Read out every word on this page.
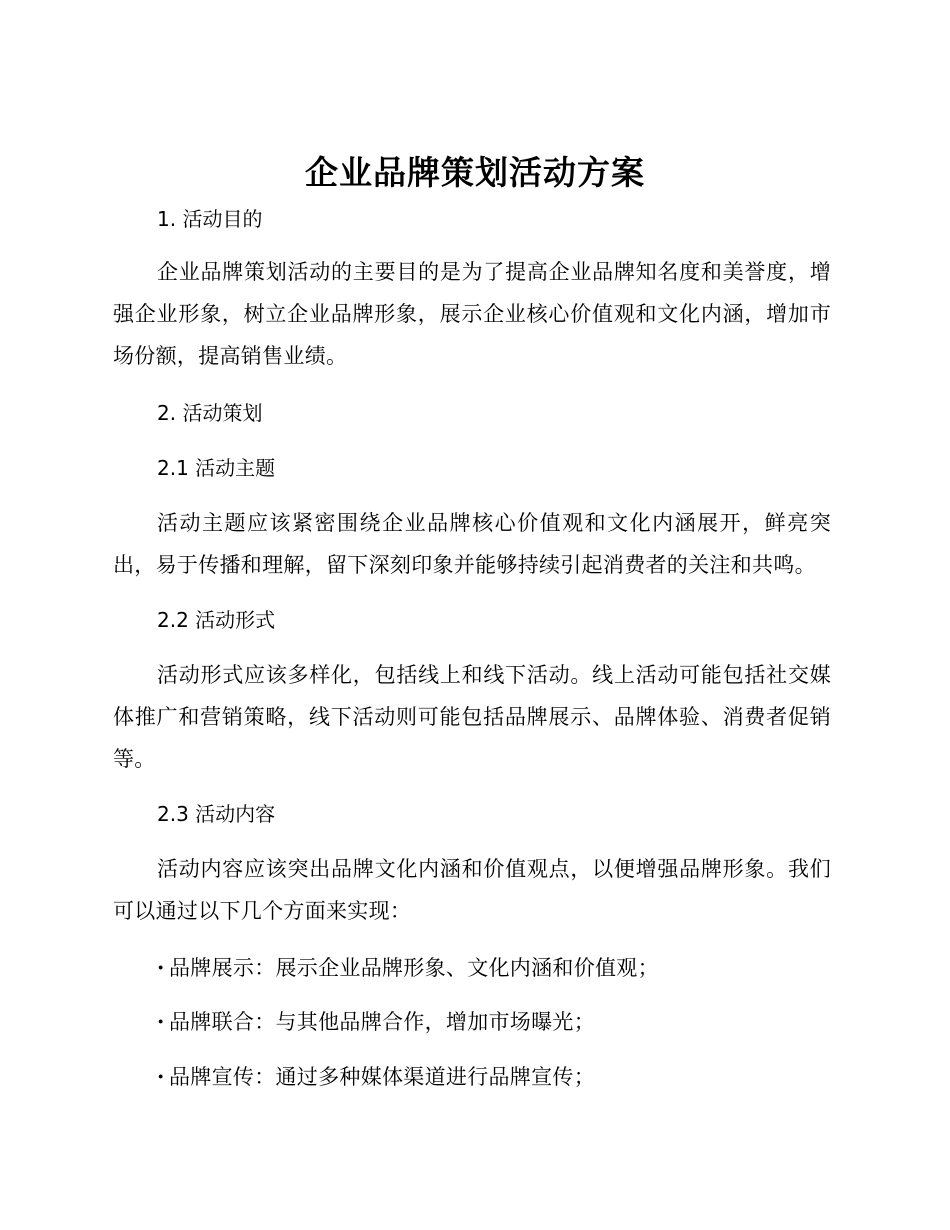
企业品牌策划活动方案
1. 活动目的

企业品牌策划活动的主要目的是为了提高企业品牌知名度和美誉度，增强企业形象，树立企业品牌形象，展示企业核心价值观和文化内涵，增加市场份额，提高销售业绩。

2. 活动策划
2.1 活动主题

活动主题应该紧密围绕企业品牌核心价值观和文化内涵展开，鲜亮突出，易于传播和理解，留下深刻印象并能够持续引起消费者的关注和共鸣。

2.2 活动形式

活动形式应该多样化，包括线上和线下活动。线上活动可能包括社交媒体推广和营销策略，线下活动则可能包括品牌展示、品牌体验、消费者促销等。

2.3 活动内容

活动内容应该突出品牌文化内涵和价值观点，以便增强品牌形象。我们可以通过以下几个方面来实现：

· 品牌展示：展示企业品牌形象、文化内涵和价值观；
· 品牌联合：与其他品牌合作，增加市场曝光；
· 品牌宣传：通过多种媒体渠道进行品牌宣传；
